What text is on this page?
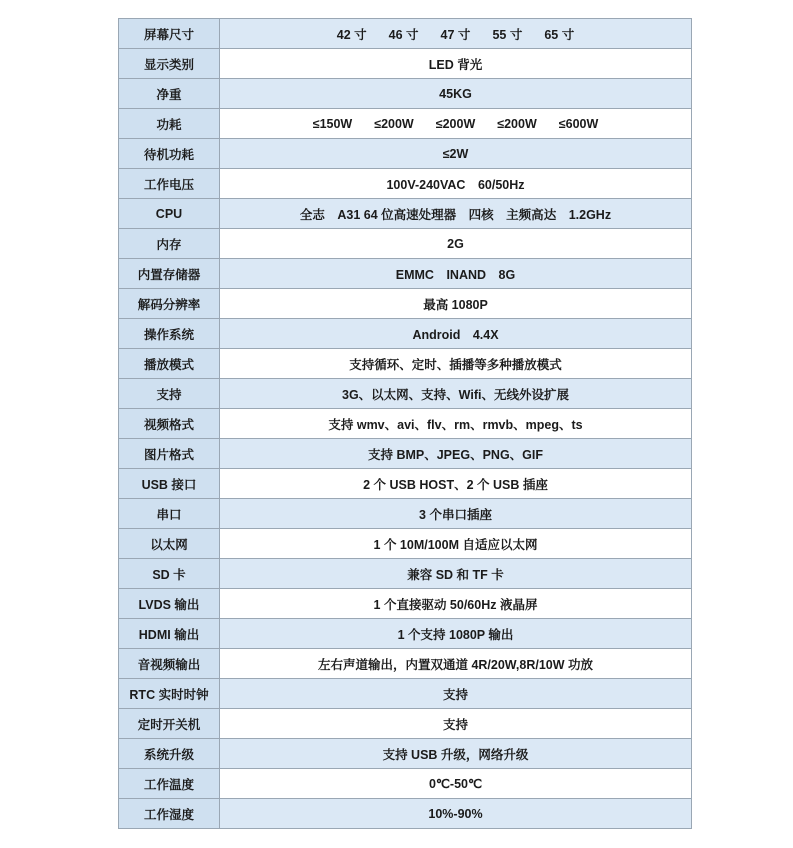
屏幕尺寸	42 寸 46 寸 47 寸 55 寸 65 寸
显示类别	LED 背光
净重	45KG
功耗	≤150W ≤200W ≤200W ≤200W ≤600W
待机功耗	≤2W
工作电压	100V-240VAC　60/50Hz
CPU	全志　A31 64 位高速处理器　四核　主频高达　1.2GHz
内存	2G
内置存储器	EMMC　INAND　8G
解码分辨率	最高 1080P
操作系统	Android　4.4X
播放模式	支持循环、定时、插播等多种播放模式
支持	3G、以太网、支持、Wifi、无线外设扩展
视频格式	支持 wmv、avi、flv、rm、rmvb、mpeg、ts
图片格式	支持 BMP、JPEG、PNG、GIF
USB 接口	2 个 USB HOST、2 个 USB 插座
串口	3 个串口插座
以太网	1 个 10M/100M 自适应以太网
SD 卡	兼容 SD 和 TF 卡
LVDS 输出	1 个直接驱动 50/60Hz 液晶屏
HDMI 输出	1 个支持 1080P 输出
音视频输出	左右声道输出，内置双通道 4R/20W,8R/10W 功放
RTC 实时时钟	支持
定时开关机	支持
系统升级	支持 USB 升级，网络升级
工作温度	0℃-50℃
工作湿度	10%-90%
